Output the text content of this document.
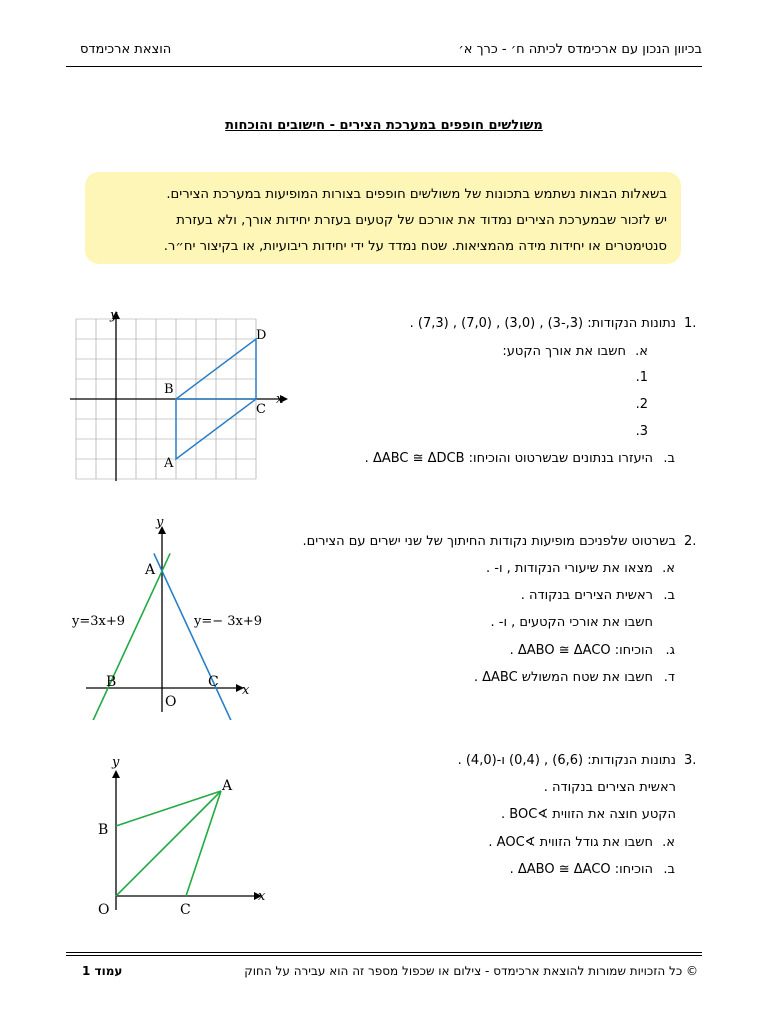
בכיוון הנכון עם ארכימדס לכיתה ח׳ - כרך א׳
הוצאת ארכימדס
משולשים חופפים במערכת הצירים - חישובים והוכחות
בשאלות הבאות נשתמש בתכונות של משולשים חופפים בצורות המופיעות במערכת הצירים.
יש לזכור שבמערכת הצירים נמדוד את אורכם של קטעים בעזרת יחידות אורך, ולא בעזרת
סנטימטרים או יחידות מידה מהמציאות. שטח נמדד על ידי יחידות ריבועיות, או בקיצור יח״ר.
1.
נתונות הנקודות: (3,-3) , (3,0) , (7,0) , (7,3) .
א.
חשבו את אורך הקטע:
1.
2.
3.
ב.
היעזרו בנתונים שבשרטוט והוכיחו: ΔABC ≅ ΔDCB .
y
x
A
B
C
D
2.
בשרטוט שלפניכם מופיעות נקודות החיתוך של שני ישרים עם הצירים.
א.
מצאו את שיעורי הנקודות , ו- .
ב.
ראשית הצירים בנקודה .
חשבו את אורכי הקטעים , ו- .
ג.
הוכיחו: ΔABO ≅ ΔACO .
ד.
חשבו את שטח המשולש ΔABC .
y
x
A
B	C
O
y=3x+9	y=− 3x+9
3.
נתונות הנקודות: (6,6) , (0,4) ו-(4,0) .
ראשית הצירים בנקודה .
הקטע חוצה את הזווית ∢BOC .
א.
חשבו את גודל הזווית ∢AOC .
ב.
הוכיחו: ΔABO ≅ ΔACO .
y
x
A
B
C
O
© כל הזכויות שמורות להוצאת ארכימדס - צילום או שכפול מספר זה הוא עבירה על החוק
עמוד 1
